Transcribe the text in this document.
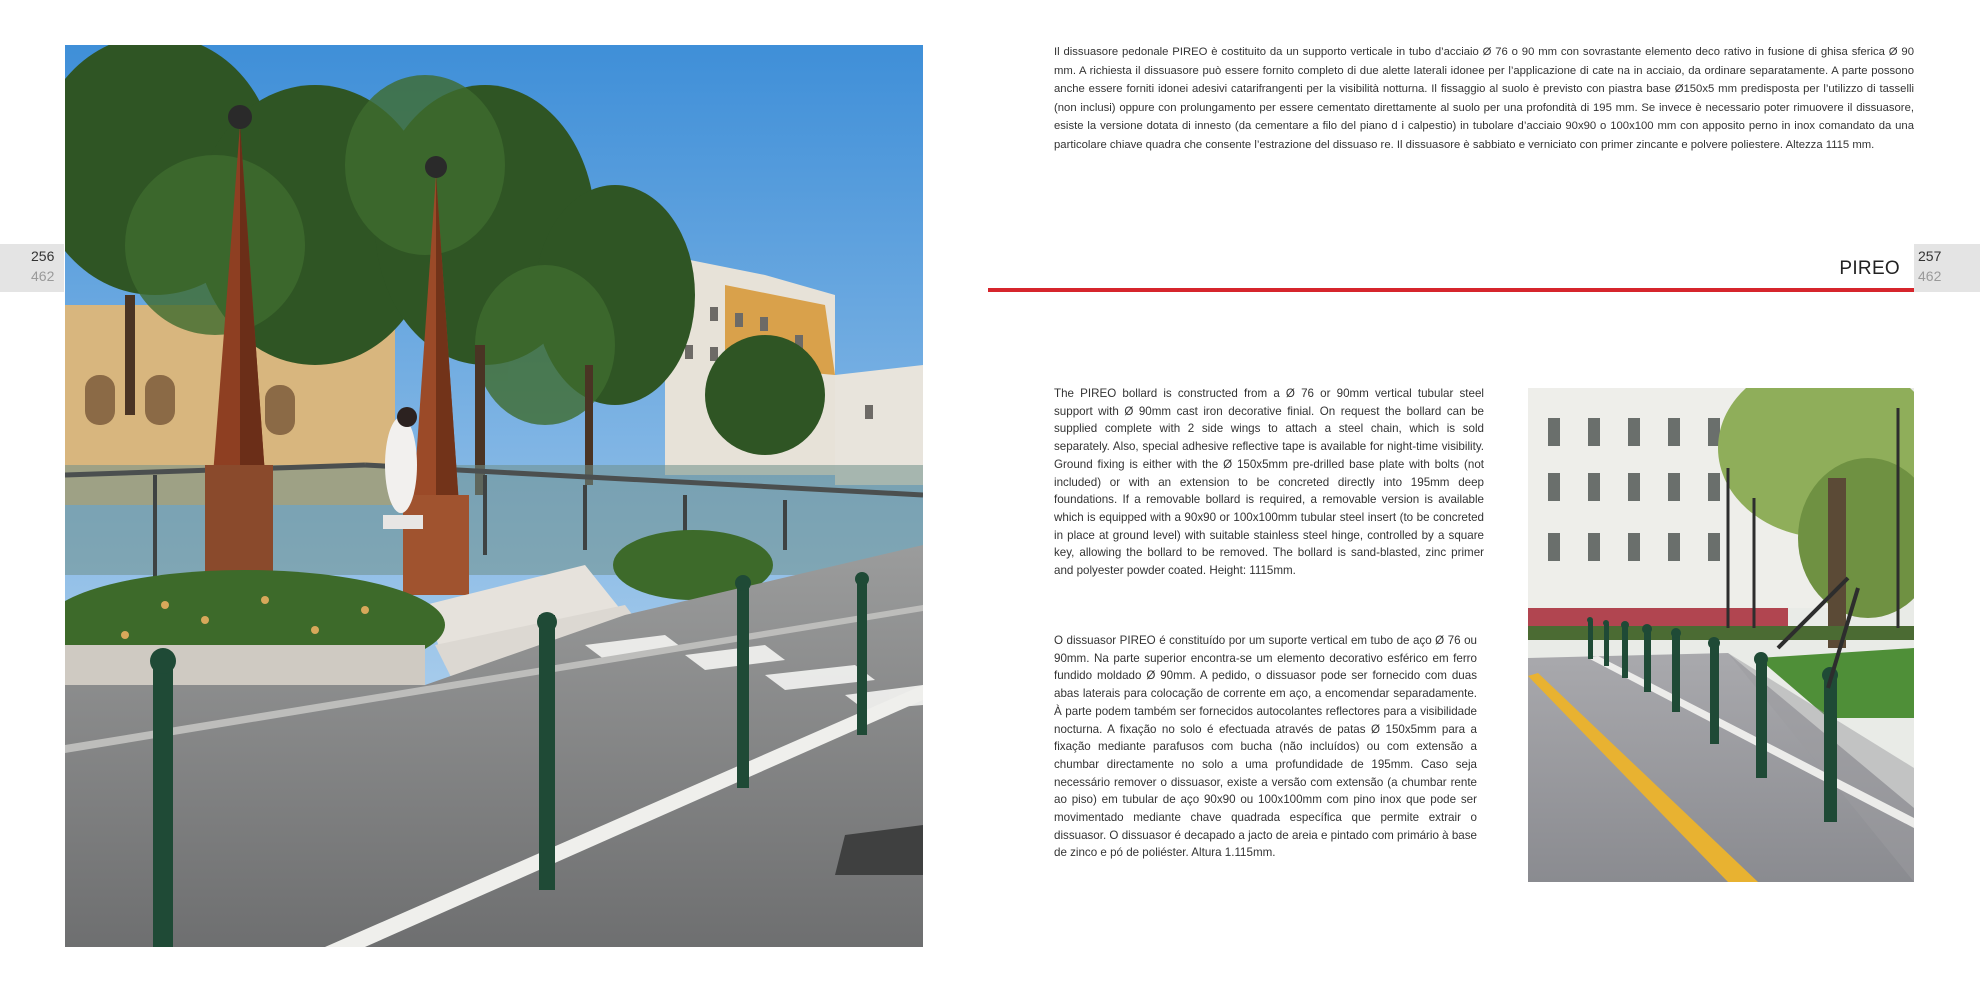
256
462
Il dissuasore pedonale PIREO è costituito da un supporto verticale in tubo d’acciaio Ø 76 o 90 mm con sovrastante elemento deco rativo in fusione di ghisa sferica Ø 90 mm. A richiesta il dissuasore può essere fornito completo di due alette laterali idonee per l’applicazione di cate na in acciaio, da ordinare separatamente. A parte possono anche essere forniti idonei adesivi catarifrangenti per la visibilità notturna. Il fissaggio al suolo è previsto con piastra base Ø150x5 mm predisposta per l’utilizzo di tasselli (non inclusi) oppure con prolungamento per essere cementato direttamente al suolo per una profondità di 195 mm. Se invece è necessario poter rimuovere il dissuasore, esiste la versione dotata di innesto (da cementare a filo del piano d i calpestio) in tubolare d’acciaio 90x90 o 100x100 mm con apposito perno in inox comandato da una particolare chiave quadra che consente l’estrazione del dissuaso re. Il dissuasore è sabbiato e verniciato con primer zincante e polvere poliestere. Altezza 1115 mm.
PIREO
257
462
The PIREO bollard is constructed from a Ø 76 or 90mm vertical tubular steel support with Ø 90mm cast iron decorative finial. On request the bollard can be supplied complete with 2 side wings to attach a steel chain, which is sold separately. Also, special adhesive reflective tape is available for night-time visibility. Ground fixing is either with the Ø 150x5mm pre-drilled base plate with bolts (not included) or with an extension to be concreted directly into 195mm deep foundations. If a removable bollard is required, a removable version is available which is equipped with a 90x90 or 100x100mm tubular steel insert (to be concreted in place at ground level) with suitable stainless steel hinge, controlled by a square key, allowing the bollard to be removed. The bollard is sand-blasted, zinc primer and polyester powder coated. Height: 1115mm.
O dissuasor PIREO é constituído por um suporte vertical em tubo de aço Ø 76 ou 90mm. Na parte superior encontra-se um elemento decorativo esférico em ferro fundido moldado Ø 90mm. A pedido, o dissuasor pode ser fornecido com duas abas laterais para colocação de corrente em aço, a encomendar separadamente. À parte podem também ser fornecidos autocolantes reflectores para a visibilidade nocturna. A fixação no solo é efectuada através de patas Ø 150x5mm para a fixação mediante parafusos com bucha (não incluídos) ou com extensão a chumbar directamente no solo a uma profundidade de 195mm. Caso seja necessário remover o dissuasor, existe a versão com extensão (a chumbar rente ao piso) em tubular de aço 90x90 ou 100x100mm com pino inox que pode ser movimentado mediante chave quadrada específica que permite extrair o dissuasor. O dissuasor é decapado a jacto de areia e pintado com primário à base de zinco e pó de poliéster. Altura 1.115mm.
